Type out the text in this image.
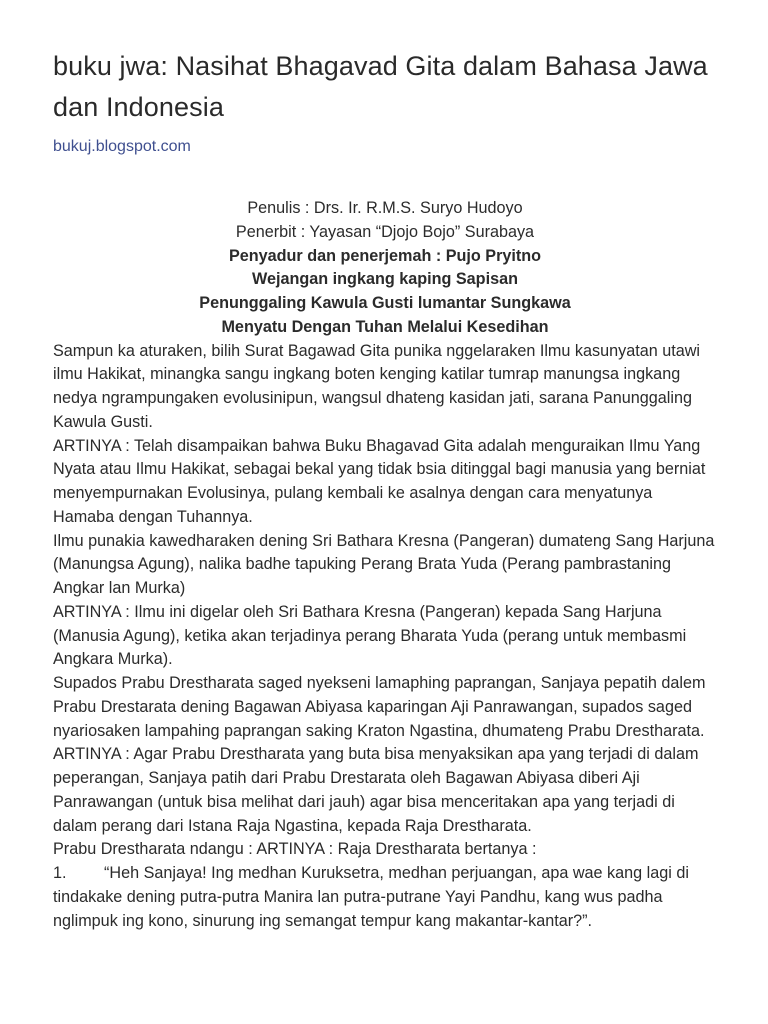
buku jwa: Nasihat Bhagavad Gita dalam Bahasa Jawa dan Indonesia
bukuj.blogspot.com
Penulis : Drs. Ir. R.M.S. Suryo Hudoyo
Penerbit : Yayasan “Djojo Bojo” Surabaya
Penyadur dan penerjemah : Pujo Pryitno
Wejangan ingkang kaping Sapisan
Penunggaling Kawula Gusti lumantar Sungkawa
Menyatu Dengan Tuhan Melalui Kesedihan

Sampun ka aturaken, bilih Surat Bagawad Gita punika nggelaraken Ilmu kasunyatan utawi ilmu Hakikat, minangka sangu ingkang boten kenging katilar tumrap manungsa ingkang nedya ngrampungaken evolusinipun, wangsul dhateng kasidan jati, sarana Panunggaling Kawula Gusti.

ARTINYA : Telah disampaikan bahwa Buku Bhagavad Gita adalah menguraikan Ilmu Yang Nyata atau Ilmu Hakikat, sebagai bekal yang tidak bsia ditinggal bagi manusia yang berniat menyempurnakan Evolusinya, pulang kembali ke asalnya dengan cara menyatunya Hamaba dengan Tuhannya.

Ilmu punakia kawedharaken dening Sri Bathara Kresna (Pangeran) dumateng Sang Harjuna (Manungsa Agung), nalika badhe tapuking Perang Brata Yuda (Perang pambrastaning Angkar lan Murka)

ARTINYA : Ilmu ini digelar oleh Sri Bathara Kresna (Pangeran) kepada Sang Harjuna (Manusia Agung), ketika akan terjadinya perang Bharata Yuda (perang untuk membasmi Angkara Murka).

Supados Prabu Drestharata saged nyekseni lamaphing paprangan, Sanjaya pepatih dalem Prabu Drestarata dening Bagawan Abiyasa kaparingan Aji Panrawangan, supados saged nyariosaken lampahing paprangan saking Kraton Ngastina, dhumateng Prabu Drestharata.

ARTINYA : Agar Prabu Drestharata yang buta bisa menyaksikan apa yang terjadi di dalam peperangan, Sanjaya patih dari Prabu Drestarata oleh Bagawan Abiyasa diberi Aji Panrawangan (untuk bisa melihat dari jauh) agar bisa menceritakan apa yang terjadi di dalam perang dari Istana Raja Ngastina, kepada Raja Drestharata.

Prabu Drestharata ndangu : ARTINYA : Raja Drestharata bertanya :

1. “Heh Sanjaya! Ing medhan Kuruksetra, medhan perjuangan, apa wae kang lagi di tindakake dening putra-putra Manira lan putra-putrane Yayi Pandhu, kang wus padha nglimpuk ing kono, sinurung ing semangat tempur kang makantar-kantar?”.
